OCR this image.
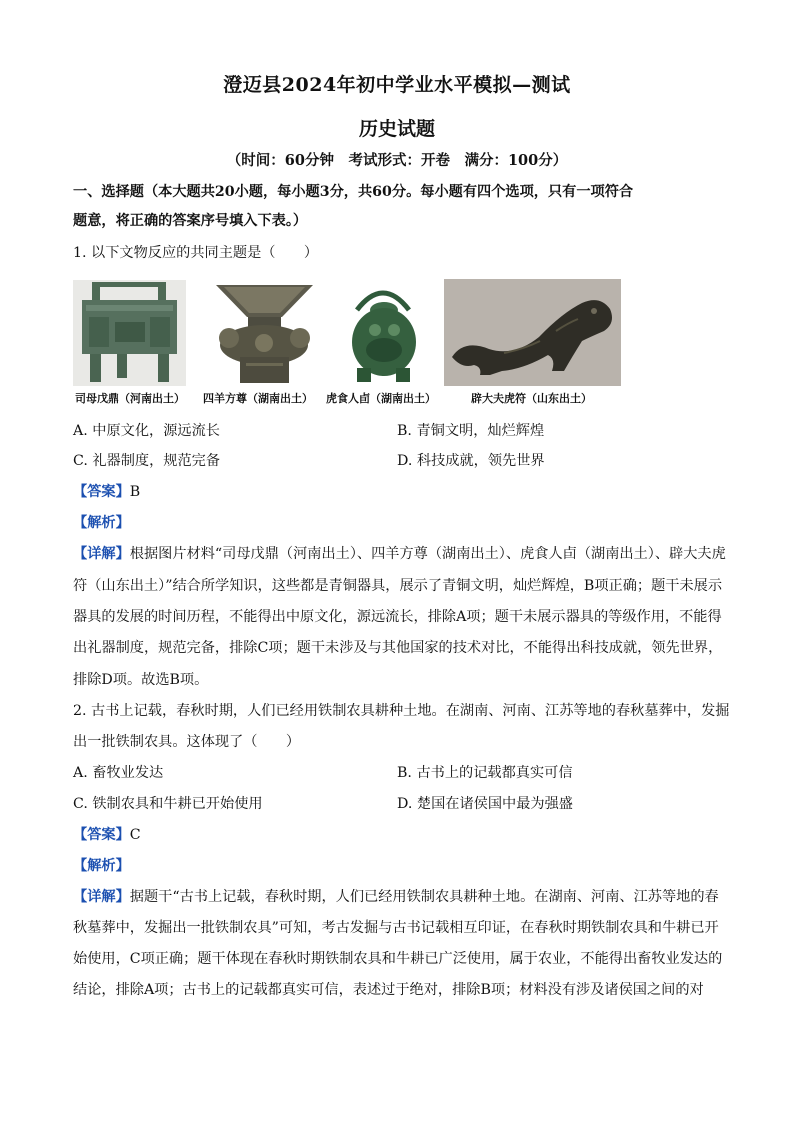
澄迈县2024年初中学业水平模拟—测试
历史试题
（时间：60分钟　考试形式：开卷　满分：100分）
一、选择题（本大题共20小题，每小题3分，共60分。每小题有四个选项，只有一项符合
题意，将正确的答案序号填入下表。）
1. 以下文物反应的共同主题是（　　）
司母戊鼎（河南出土） 四羊方尊（湖南出土） 虎食人卣（湖南出土）	辟大夫虎符（山东出土）
A. 中原文化，源远流长	B. 青铜文明，灿烂辉煌
C. 礼器制度，规范完备	D. 科技成就，领先世界
【答案】B
【解析】
【详解】根据图片材料“司母戊鼎（河南出土）、四羊方尊（湖南出土）、虎食人卣（湖南出土）、辟大夫虎
符（山东出土）”结合所学知识，这些都是青铜器具，展示了青铜文明，灿烂辉煌，B项正确；题干未展示
器具的发展的时间历程，不能得出中原文化，源远流长，排除A项；题干未展示器具的等级作用，不能得
出礼器制度，规范完备，排除C项；题干未涉及与其他国家的技术对比，不能得出科技成就，领先世界，
排除D项。故选B项。
2. 古书上记载，春秋时期，人们已经用铁制农具耕种土地。在湖南、河南、江苏等地的春秋墓葬中，发掘
出一批铁制农具。这体现了（　　）
A. 畜牧业发达	B. 古书上的记载都真实可信
C. 铁制农具和牛耕已开始使用	D. 楚国在诸侯国中最为强盛
【答案】C
【解析】
【详解】据题干“古书上记载，春秋时期，人们已经用铁制农具耕种土地。在湖南、河南、江苏等地的春
秋墓葬中，发掘出一批铁制农具”可知，考古发掘与古书记载相互印证，在春秋时期铁制农具和牛耕已开
始使用，C项正确；题干体现在春秋时期铁制农具和牛耕已广泛使用，属于农业，不能得出畜牧业发达的
结论，排除A项；古书上的记载都真实可信，表述过于绝对，排除B项；材料没有涉及诸侯国之间的对
